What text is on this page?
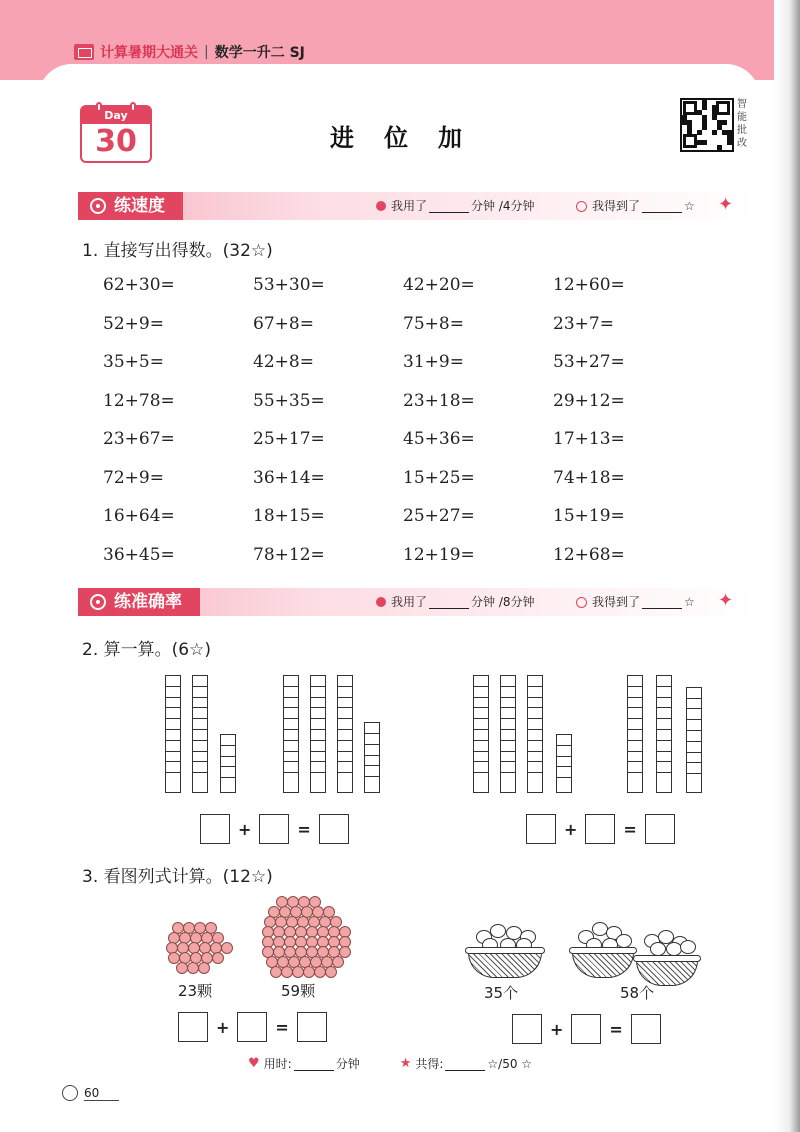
计算暑期大通关 | 数学一升二 SJ
Day
30	进位加
智能批改
练速度	我用了	分钟 /4分钟	我得到了	☆ ✦
1. 直接写出得数。(32☆)
62+30=	53+30=	42+20=	12+60=
52+9=	67+8=	75+8=	23+7=
35+5=	42+8=	31+9=	53+27=
12+78=	55+35=	23+18=	29+12=
23+67=	25+17=	45+36=	17+13=
72+9=	36+14=	15+25=	74+18=
16+64=	18+15=	25+27=	15+19=
36+45=	78+12=	12+19=	12+68=
练准确率	我用了	分钟 /8分钟	我得到了	☆ ✦
2. 算一算。(6☆)
+	=	+	=
3. 看图列式计算。(12☆)
23颗	59颗	35个	58个
+	=	+	=
♥ 用时:	分钟	★ 共得:	☆/50 ☆
60
